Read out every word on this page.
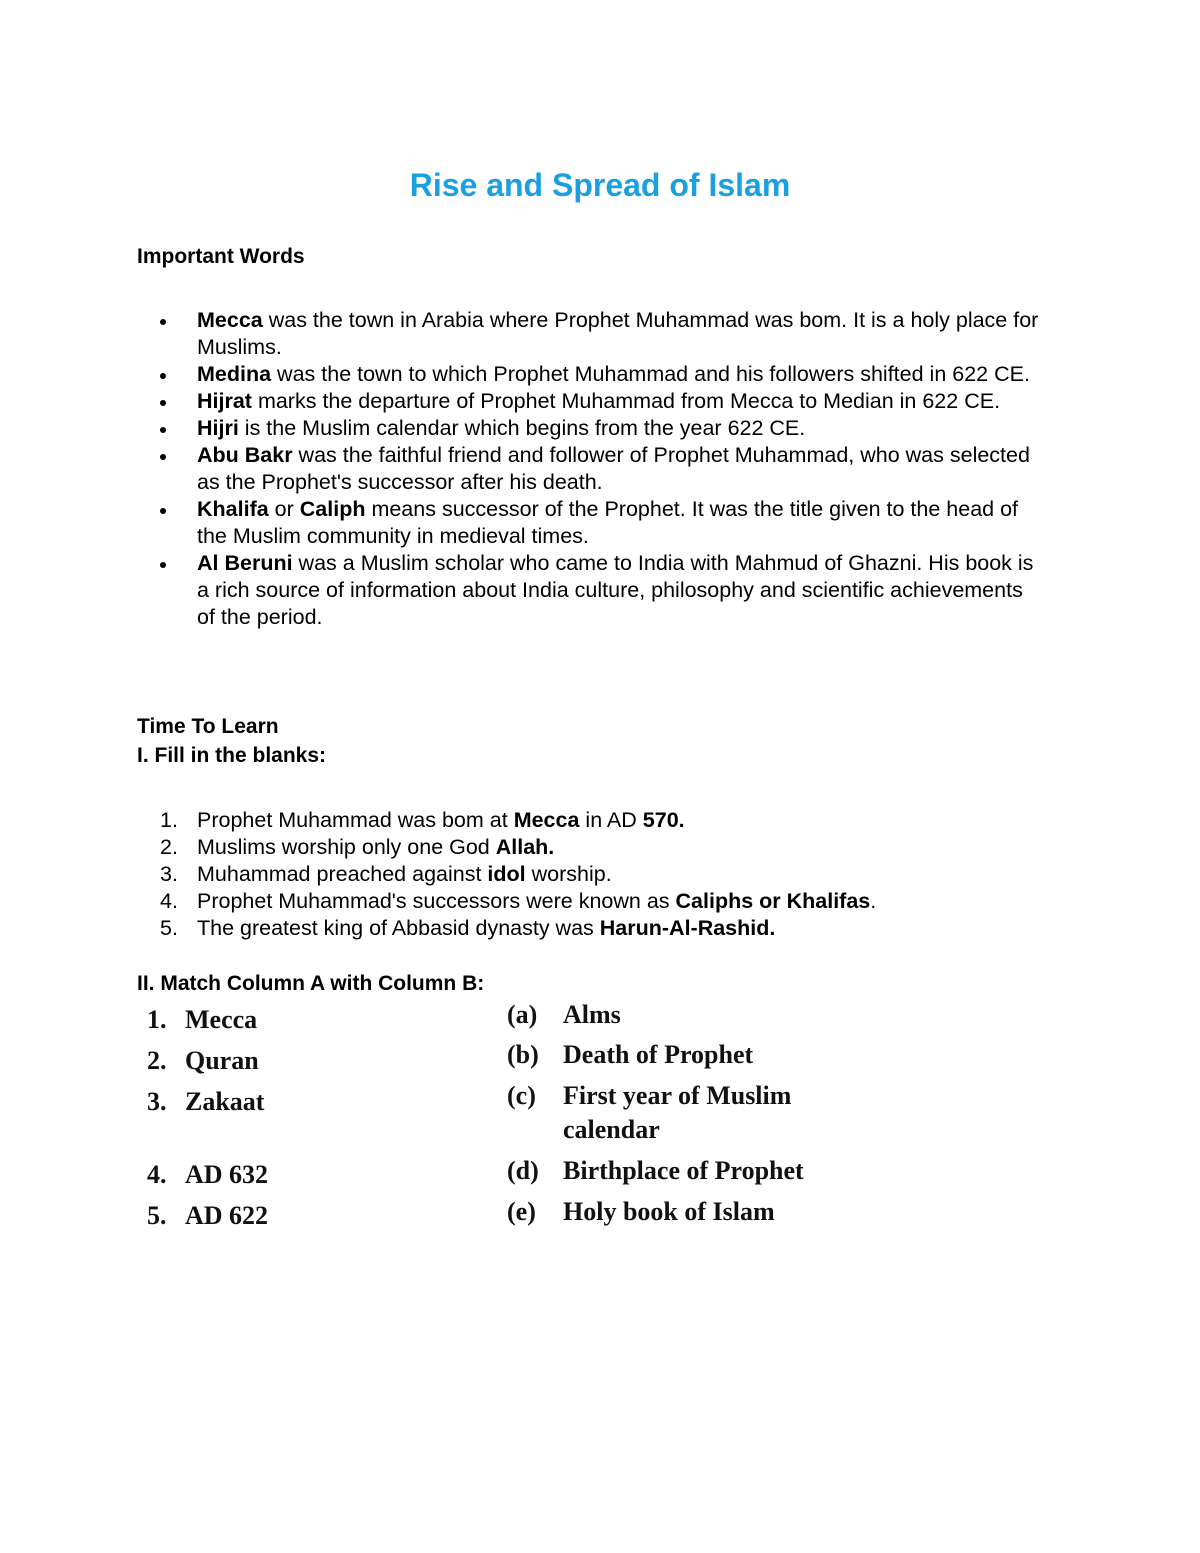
Rise and Spread of Islam
Important Words
Mecca was the town in Arabia where Prophet Muhammad was bom. It is a holy place for Muslims.
Medina was the town to which Prophet Muhammad and his followers shifted in 622 CE.
Hijrat marks the departure of Prophet Muhammad from Mecca to Median in 622 CE.
Hijri is the Muslim calendar which begins from the year 622 CE.
Abu Bakr was the faithful friend and follower of Prophet Muhammad, who was selected as the Prophet's successor after his death.
Khalifa or Caliph means successor of the Prophet. It was the title given to the head of the Muslim community in medieval times.
Al Beruni was a Muslim scholar who came to India with Mahmud of Ghazni. His book is a rich source of information about India culture, philosophy and scientific achievements of the period.
Time To Learn
I. Fill in the blanks:
1. Prophet Muhammad was bom at Mecca in AD 570.
2. Muslims worship only one God Allah.
3. Muhammad preached against idol worship.
4. Prophet Muhammad's successors were known as Caliphs or Khalifas.
5. The greatest king of Abbasid dynasty was Harun-Al-Rashid.
II. Match Column A with Column B:
1. Mecca
2. Quran
3. Zakaat
4. AD 632
5. AD 622
(a) Alms
(b) Death of Prophet
(c) First year of Muslim
calendar
(d) Birthplace of Prophet
(e) Holy book of Islam
